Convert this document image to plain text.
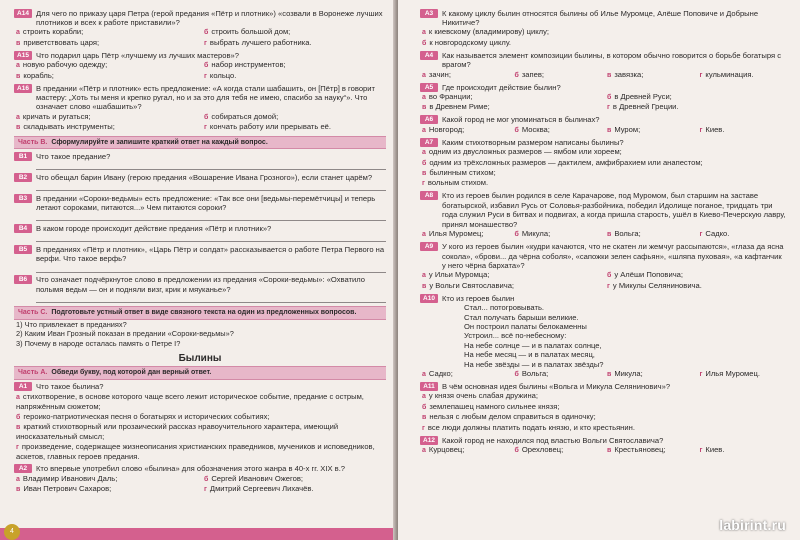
A14 Для чего по приказу царя Петра (герой предания «Пётр и плотник») «созвали в Воронеже лучших плотников и всех к работе приставили»?
а строить корабли;	б строить большой дом;
в приветствовать царя;	г выбрать лучшего работника.
A15 Что подарил царь Пётр «лучшему из лучших мастеров»?
а новую рабочую одежду;	б набор инструментов;
в корабль;	г кольцо.
A16 В предании «Пётр и плотник» есть предложение: «А когда стали шабашить, он [Пётр] в говорит мастеру: „Хоть ты меня и крепко ругал, но и за это для тебя не имею, спасибо за науку“». Что означает слово «шабашить»?
а кричать и ругаться;	б собираться домой;
в складывать инструменты;	г кончать работу или прерывать её.
Часть B. Сформулируйте и запишите краткий ответ на каждый вопрос.
B1	Что такое предание?
B2	Что обещал барин Ивану (герою предания «Вошарение Ивана Грозного»), если станет царём?
B3	В предании «Сороки-ведьмы» есть предложение: «Так все они [ведьмы-перемётчицы] и теперь летают сороками, питаются...» Чем питаются сороки?
B4	В каком городе происходит действие предания «Пётр и плотник»?
B5	В преданиях «Пётр и плотник», «Царь Пётр и солдат» рассказывается о работе Петра Первого на верфи. Что такое верфь?
B6	Что означает подчёркнутое слово в предложении из предания «Сороки-ведьмы»: «Охватило полымя ведьм — он и подняли визг, крик и мяуканье»?
Часть C. Подготовьте устный ответ в виде связного текста на один из предложенных вопросов.
1) Что привлекает в преданиях?
2) Каким Иван Грозный показан в предании «Сороки-ведьмы»?
3) Почему в народе осталась память о Петре I?
Былины
Часть A. Обведи букву, под которой дан верный ответ.
A1	Что такое былина?
а стихотворение, в основе которого чаще всего лежит историческое событие, предание с острым, напряжённым сюжетом;
б героико-патриотическая песня о богатырях и исторических событиях;
в краткий стихотворный или прозаический рассказ нравоучительного характера, имеющий иносказательный смысл;
г произведение, содержащее жизнеописания христианских праведников, мучеников и исповедников, аскетов, главных героев предания.
A2	Кто впервые употребил слово «былина» для обозначения этого жанра в 40-х гг. XIX в.?
а Владимир Иванович Даль;	б Сергей Иванович Ожегов;
в Иван Петрович Сахаров;	г Дмитрий Сергеевич Лихачёв.
4
A3	К какому циклу былин относятся былины об Илье Муромце, Алёше Поповиче и Добрыне Никитиче?
а к киевскому (владимирову) циклу;
б к новгородскому циклу.
A4	Как называется элемент композиции былины, в котором обычно говорится о борьбе богатыря с врагом?
а зачин;	б запев;	в завязка;	г кульминация.
A5	Где происходит действие былин?
а во Франции;	б в Древней Руси;
в в Древнем Риме;	г в Древней Греции.
A6	Какой город не мог упоминаться в былинах?
а Новгород;	б Москва;	в Муром;	г Киев.
A7	Каким стихотворным размером написаны былины?
а одним из двусложных размеров — ямбом или хореем;
б одним из трёхсложных размеров — дактилем, амфибрахием или анапестом;
в былинным стихом;
г вольным стихом.
A8	Кто из героев былин родился в селе Карачарове, под Муромом, был старшим на заставе богатырской, избавил Русь от Соловья-разбойника, победил Идолище поганое, тридцать три года служил Руси в битвах и подвигах, а когда пришла старость, ушёл в Киево-Печерскую лавру, принял монашество?
а Илья Муромец;	б Микула;	в Вольга;	г Садко.
A9	У кого из героев былин «кудри качаются, что не скатен ли жемчуг рассыпаются», «глаза да ясна сокола», «брови... да чёрна соболя», «сапожки зелен сафьян», «шляпа пуховая», «а кафтанчик у него чёрна бархата»?
а у Ильи Муромца;	б у Алёши Поповича;
в у Вольги Святославича;	г у Микулы Селяниновича.
A10 Кто из героев былин
Стал... потогровывать.
Стал получать барыши великие.
Он построил палаты белокаменны
Устроил... всё по-небесному:
На небе солнце — и в палатах солнце,
На небе месяц — и в палатах месяц,
На небе звёзды — и в палатах звёзды?
а Садко;	б Вольга;	в Микула;	г Илья Муромец.
A11 В чём основная идея былины «Вольга и Микула Селянинович»?
а у князя очень слабая дружина;
б землепашец намного сильнее князя;
в нельзя с любым делом справиться в одиночку;
г все люди должны платить подать князю, и кто крестьянин.
A12 Какой город не находился под властью Вольги Святославича?
а Курцовец;	б Орехловец;	в Крестьяновец;	г Киев.
labirint.ru
